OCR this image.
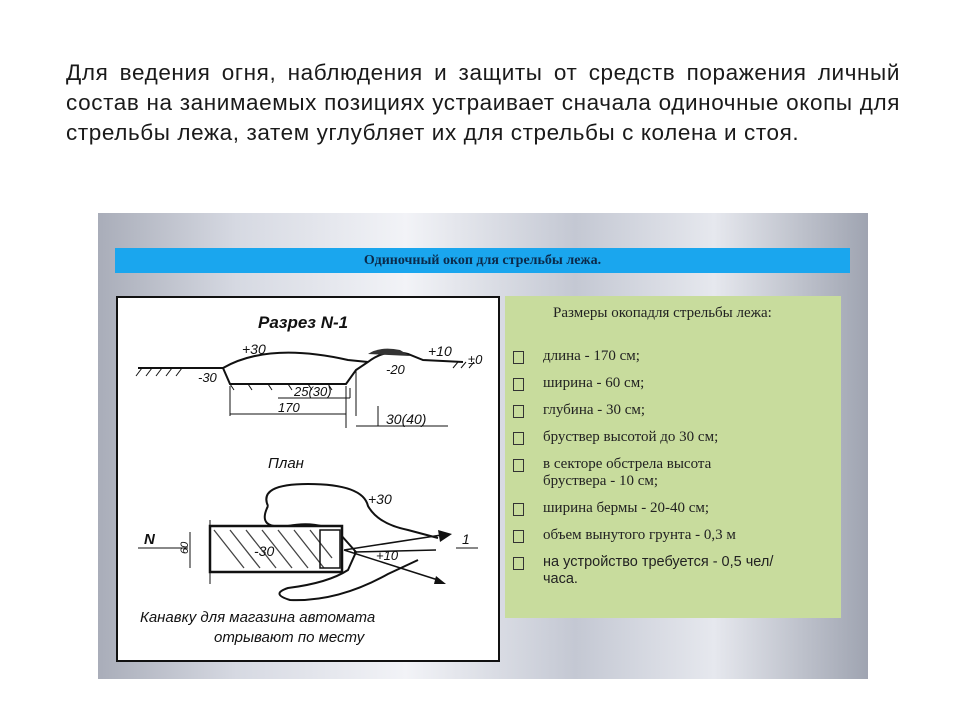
Для ведения огня, наблюдения и защиты от средств поражения личный состав на занимаемых позициях устраивает сначала одиночные окопы для стрельбы лежа, затем углубляет их для стрельбы с колена и стоя.
Одиночный окоп для стрельбы лежа.
Разрез N-1
+30	+10
-30
-20
±0
25(30)
170
30(40)
План
-30
+30
+10
60
N	1
Канавку для магазина автомата
отрывают по месту
Размеры окопадля стрельбы лежа:
длина - 170 см;
ширина - 60 см;
глубина - 30 см;
бруствер высотой до 30 см;
в секторе обстрела высота бруствера - 10 см;
ширина бермы - 20-40 см;
объем вынутого грунта - 0,3 м
на устройство требуется - 0,5 чел/часа.
